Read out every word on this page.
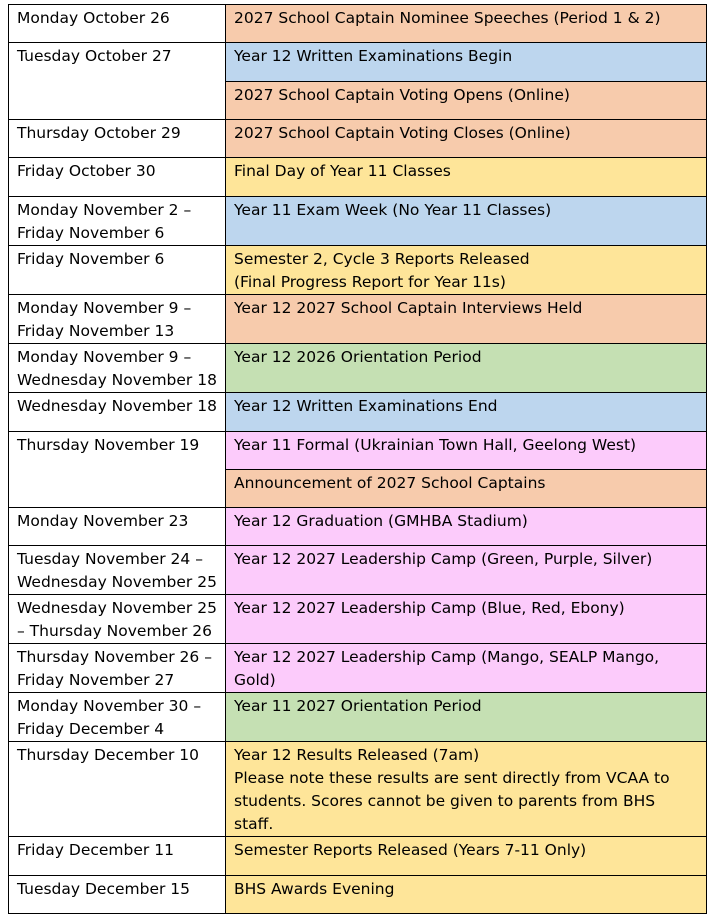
Monday October 26	2027 School Captain Nominee Speeches (Period 1 & 2)
Tuesday October 27	Year 12 Written Examinations Begin
	2027 School Captain Voting Opens (Online)
Thursday October 29	2027 School Captain Voting Closes (Online)
Friday October 30	Final Day of Year 11 Classes
Monday November 2 –
Friday November 6	Year 11 Exam Week (No Year 11 Classes)
Friday November 6	Semester 2, Cycle 3 Reports Released
(Final Progress Report for Year 11s)
Monday November 9 –
Friday November 13	Year 12 2027 School Captain Interviews Held
Monday November 9 –
Wednesday November 18	Year 12 2026 Orientation Period
Wednesday November 18	Year 12 Written Examinations End
Thursday November 19	Year 11 Formal (Ukrainian Town Hall, Geelong West)
	Announcement of 2027 School Captains
Monday November 23	Year 12 Graduation (GMHBA Stadium)
Tuesday November 24 –
Wednesday November 25	Year 12 2027 Leadership Camp (Green, Purple, Silver)
Wednesday November 25
– Thursday November 26	Year 12 2027 Leadership Camp (Blue, Red, Ebony)
Thursday November 26 –
Friday November 27	Year 12 2027 Leadership Camp (Mango, SEALP Mango, Gold)
Monday November 30 –
Friday December 4	Year 11 2027 Orientation Period
Thursday December 10	Year 12 Results Released (7am)
Please note these results are sent directly from VCAA to students. Scores cannot be given to parents from BHS staff.
Friday December 11	Semester Reports Released (Years 7-11 Only)
Tuesday December 15	BHS Awards Evening
